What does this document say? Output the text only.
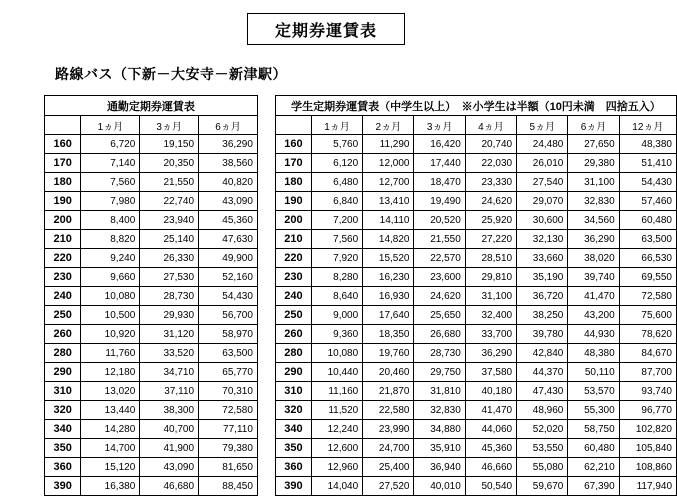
定期券運賃表
路線バス（下新－大安寺－新津駅）
通勤定期券運賃表
	1ヵ月	3ヵ月	6ヵ月
160	6,720	19,150	36,290
170	7,140	20,350	38,560
180	7,560	21,550	40,820
190	7,980	22,740	43,090
200	8,400	23,940	45,360
210	8,820	25,140	47,630
220	9,240	26,330	49,900
230	9,660	27,530	52,160
240	10,080	28,730	54,430
250	10,500	29,930	56,700
260	10,920	31,120	58,970
280	11,760	33,520	63,500
290	12,180	34,710	65,770
310	13,020	37,110	70,310
320	13,440	38,300	72,580
340	14,280	40,700	77,110
350	14,700	41,900	79,380
360	15,120	43,090	81,650
390	16,380	46,680	88,450
学生定期券運賃表（中学生以上）　※小学生は半額（10円未満　四捨五入）
	1ヵ月	2ヵ月	3ヵ月	4ヵ月	5ヵ月	6ヵ月	12ヵ月
160	5,760	11,290	16,420	20,740	24,480	27,650	48,380
170	6,120	12,000	17,440	22,030	26,010	29,380	51,410
180	6,480	12,700	18,470	23,330	27,540	31,100	54,430
190	6,840	13,410	19,490	24,620	29,070	32,830	57,460
200	7,200	14,110	20,520	25,920	30,600	34,560	60,480
210	7,560	14,820	21,550	27,220	32,130	36,290	63,500
220	7,920	15,520	22,570	28,510	33,660	38,020	66,530
230	8,280	16,230	23,600	29,810	35,190	39,740	69,550
240	8,640	16,930	24,620	31,100	36,720	41,470	72,580
250	9,000	17,640	25,650	32,400	38,250	43,200	75,600
260	9,360	18,350	26,680	33,700	39,780	44,930	78,620
280	10,080	19,760	28,730	36,290	42,840	48,380	84,670
290	10,440	20,460	29,750	37,580	44,370	50,110	87,700
310	11,160	21,870	31,810	40,180	47,430	53,570	93,740
320	11,520	22,580	32,830	41,470	48,960	55,300	96,770
340	12,240	23,990	34,880	44,060	52,020	58,750	102,820
350	12,600	24,700	35,910	45,360	53,550	60,480	105,840
360	12,960	25,400	36,940	46,660	55,080	62,210	108,860
390	14,040	27,520	40,010	50,540	59,670	67,390	117,940
